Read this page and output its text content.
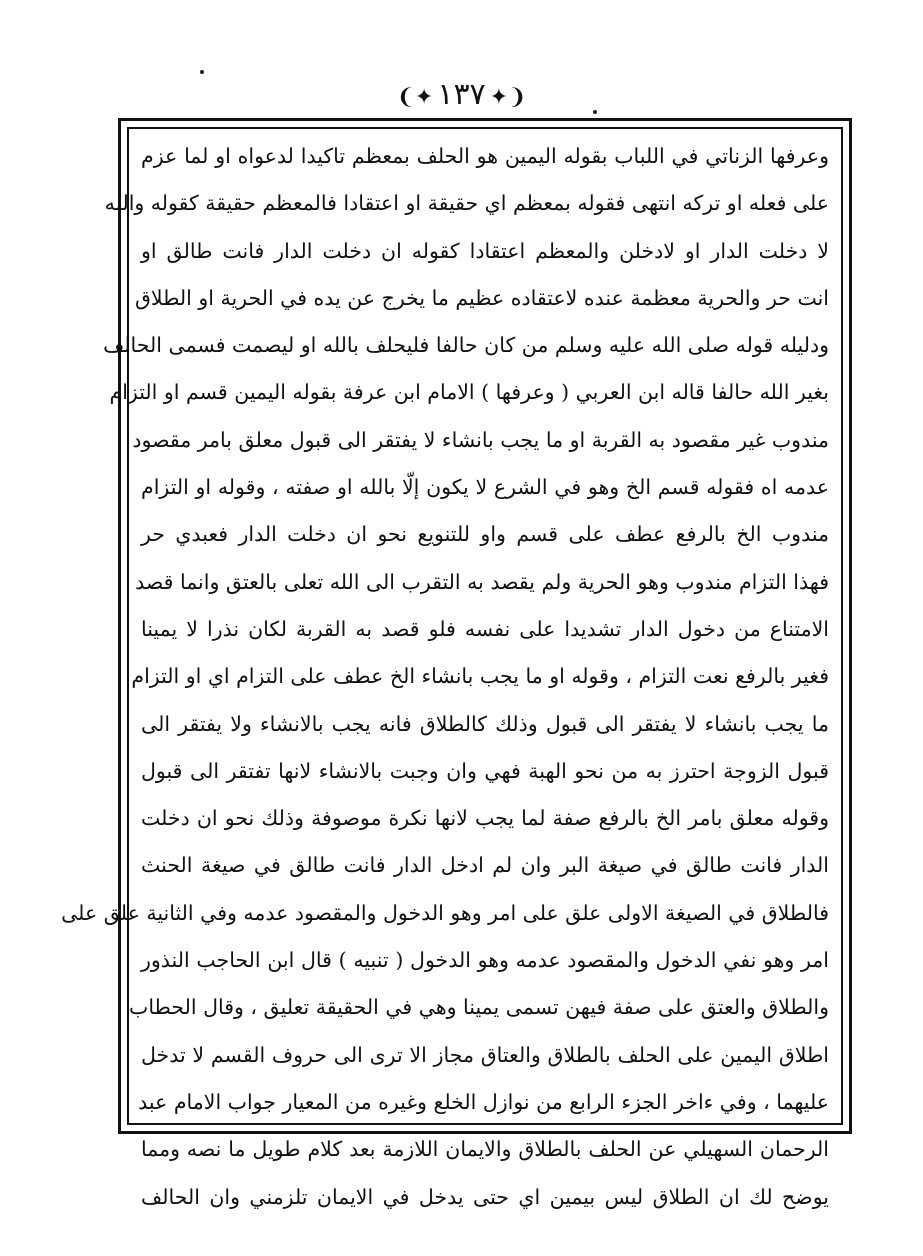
❨✦١٣٧✦❩
وعرفها الزناتي في اللباب بقوله اليمين هو الحلف بمعظم تاكيدا لدعواه او لما عزم
على فعله او تركه انتهى فقوله بمعظم اي حقيقة او اعتقادا فالمعظم حقيقة كقوله والله
لا دخلت الدار او لادخلن والمعظم اعتقادا كقوله ان دخلت الدار فانت طالق او
انت حر والحرية معظمة عنده لاعتقاده عظيم ما يخرج عن يده في الحرية او الطلاق
ودليله قوله صلى الله عليه وسلم من كان حالفا فليحلف بالله او ليصمت فسمى الحالف
بغير الله حالفا قاله ابن العربي ( وعرفها ) الامام ابن عرفة بقوله اليمين قسم او التزام
مندوب غير مقصود به القربة او ما يجب بانشاء لا يفتقر الى قبول معلق بامر مقصود
عدمه اه فقوله قسم الخ وهو في الشرع لا يكون إلّا بالله او صفته ، وقوله او التزام
مندوب الخ بالرفع عطف على قسم واو للتنويع نحو ان دخلت الدار فعبدي حر
فهذا التزام مندوب وهو الحرية ولم يقصد به التقرب الى الله تعلى بالعتق وانما قصد
الامتناع من دخول الدار تشديدا على نفسه فلو قصد به القربة لكان نذرا لا يمينا
فغير بالرفع نعت التزام ، وقوله او ما يجب بانشاء الخ عطف على التزام اي او التزام
ما يجب بانشاء لا يفتقر الى قبول وذلك كالطلاق فانه يجب بالانشاء ولا يفتقر الى
قبول الزوجة احترز به من نحو الهبة فهي وان وجبت بالانشاء لانها تفتقر الى قبول
وقوله معلق بامر الخ بالرفع صفة لما يجب لانها نكرة موصوفة وذلك نحو ان دخلت
الدار فانت طالق في صيغة البر وان لم ادخل الدار فانت طالق في صيغة الحنث
فالطلاق في الصيغة الاولى علق على امر وهو الدخول والمقصود عدمه وفي الثانية علق على
امر وهو نفي الدخول والمقصود عدمه وهو الدخول ( تنبيه ) قال ابن الحاجب النذور
والطلاق والعتق على صفة فيهن تسمى يمينا وهي في الحقيقة تعليق ، وقال الحطاب
اطلاق اليمين على الحلف بالطلاق والعتاق مجاز الا ترى الى حروف القسم لا تدخل
عليهما ، وفي ءاخر الجزء الرابع من نوازل الخلع وغيره من المعيار جواب الامام عبد
الرحمان السهيلي عن الحلف بالطلاق والايمان اللازمة بعد كلام طويل ما نصه ومما
يوضح لك ان الطلاق ليس بيمين اي حتى يدخل في الايمان تلزمني وان الحالف
